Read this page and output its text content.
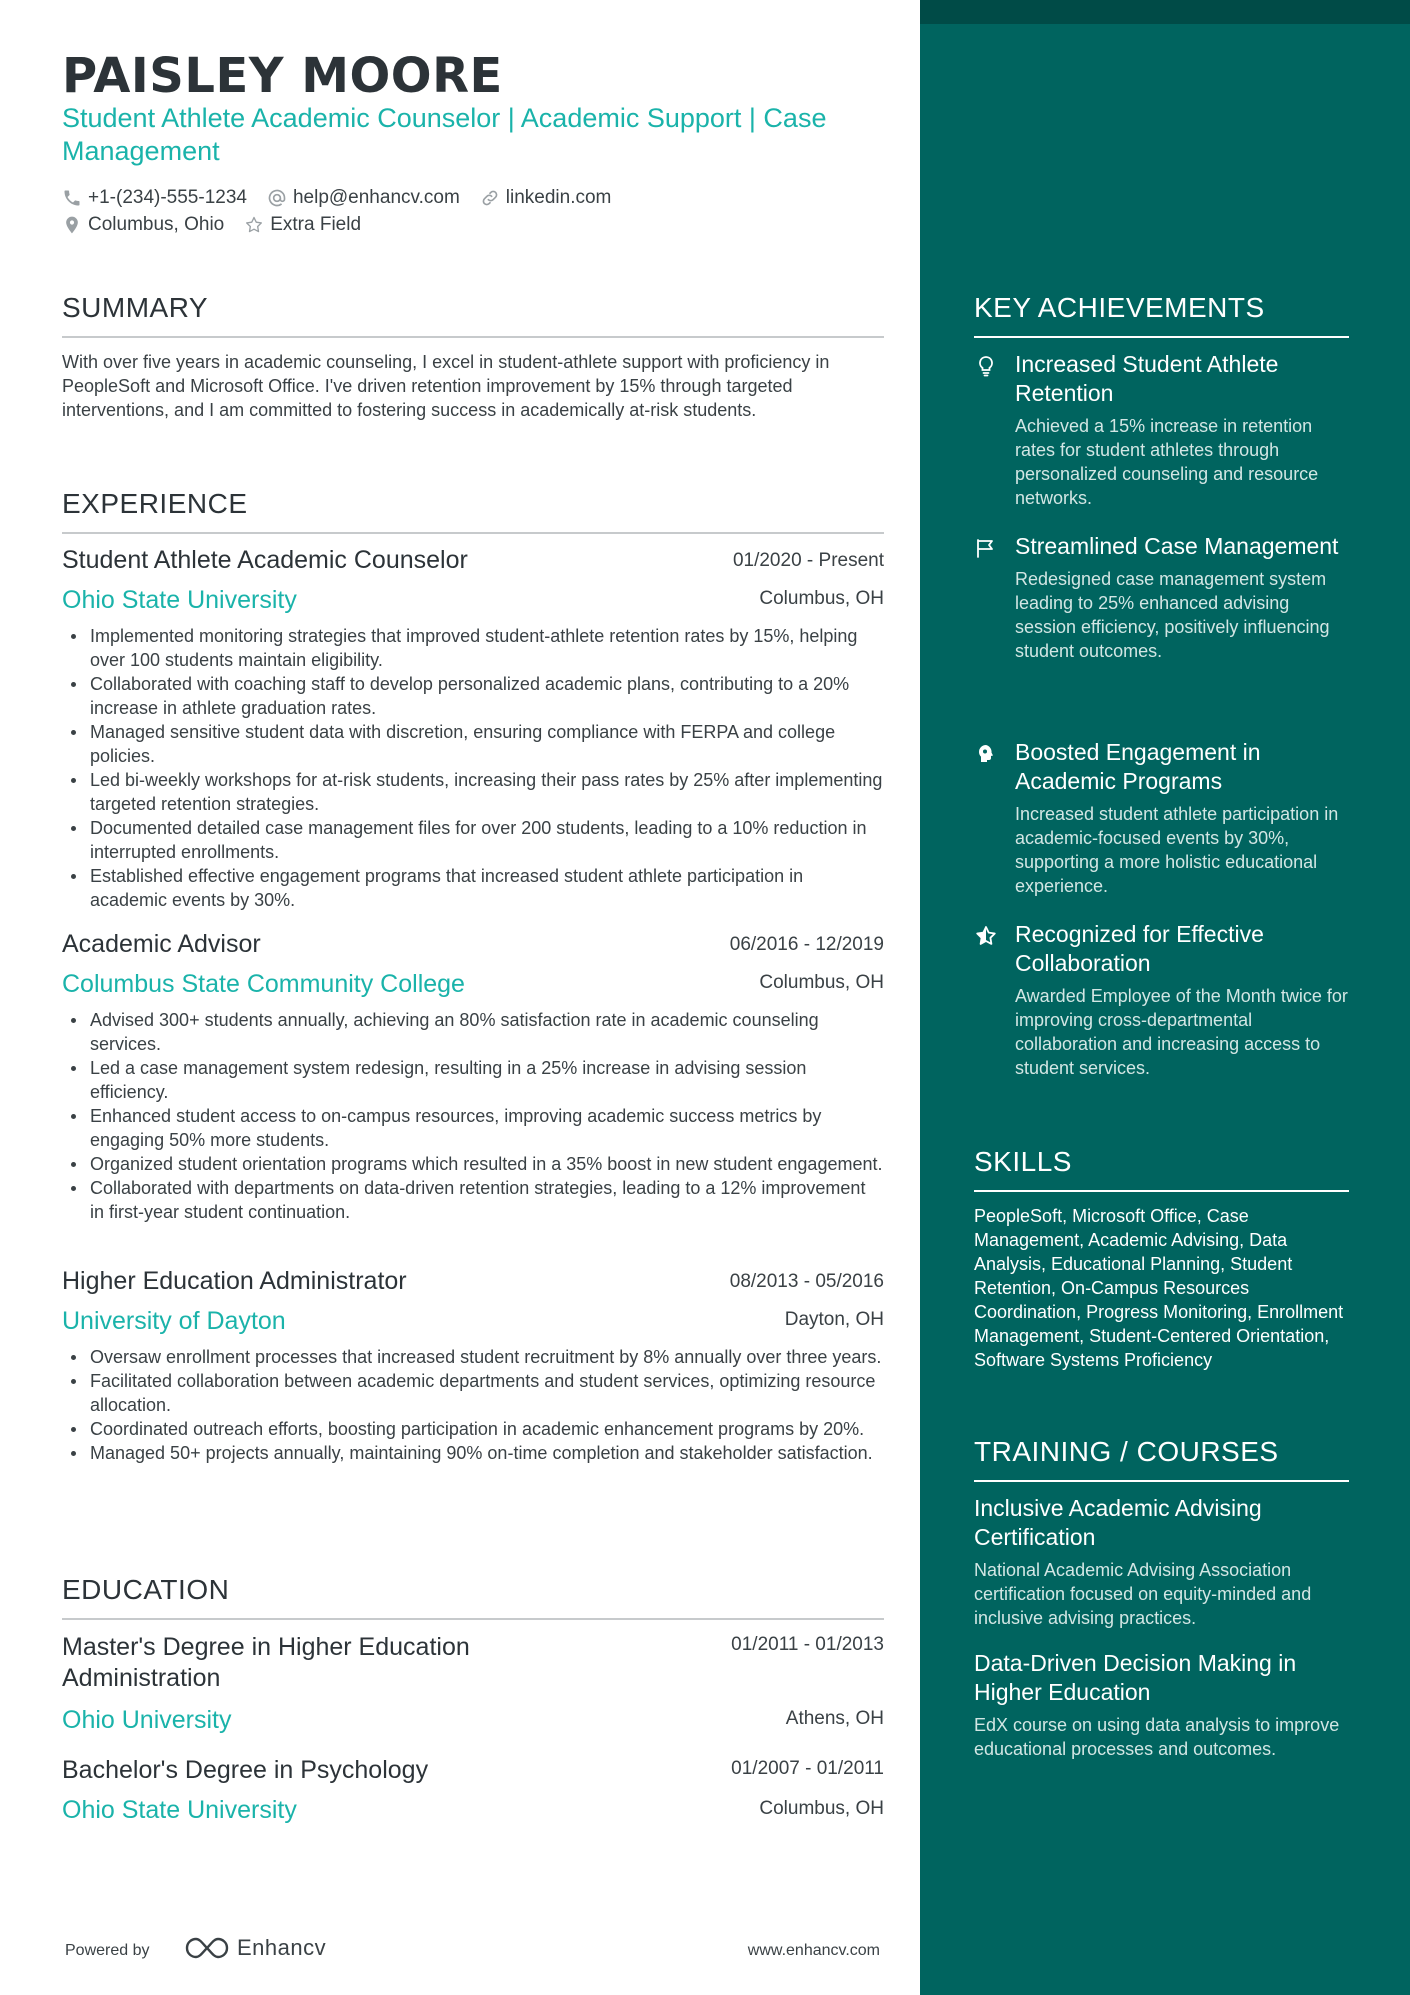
PAISLEY MOORE
Student Athlete Academic Counselor | Academic Support | Case Management
+1-(234)-555-1234 help@enhancv.com linkedin.com
Columbus, Ohio Extra Field
SUMMARY
With over five years in academic counseling, I excel in student-athlete support with proficiency in PeopleSoft and Microsoft Office. I've driven retention improvement by 15% through targeted interventions, and I am committed to fostering success in academically at-risk students.
EXPERIENCE
Student Athlete Academic Counselor	01/2020 - Present
Ohio State University	Columbus, OH
Implemented monitoring strategies that improved student-athlete retention rates by 15%, helping over 100 students maintain eligibility.
Collaborated with coaching staff to develop personalized academic plans, contributing to a 20% increase in athlete graduation rates.
Managed sensitive student data with discretion, ensuring compliance with FERPA and college policies.
Led bi-weekly workshops for at-risk students, increasing their pass rates by 25% after implementing targeted retention strategies.
Documented detailed case management files for over 200 students, leading to a 10% reduction in interrupted enrollments.
Established effective engagement programs that increased student athlete participation in academic events by 30%.
Academic Advisor	06/2016 - 12/2019
Columbus State Community College	Columbus, OH
Advised 300+ students annually, achieving an 80% satisfaction rate in academic counseling services.
Led a case management system redesign, resulting in a 25% increase in advising session efficiency.
Enhanced student access to on-campus resources, improving academic success metrics by engaging 50% more students.
Organized student orientation programs which resulted in a 35% boost in new student engagement.
Collaborated with departments on data-driven retention strategies, leading to a 12% improvement in first-year student continuation.
Higher Education Administrator	08/2013 - 05/2016
University of Dayton	Dayton, OH
Oversaw enrollment processes that increased student recruitment by 8% annually over three years.
Facilitated collaboration between academic departments and student services, optimizing resource allocation.
Coordinated outreach efforts, boosting participation in academic enhancement programs by 20%.
Managed 50+ projects annually, maintaining 90% on-time completion and stakeholder satisfaction.
EDUCATION
Master's Degree in Higher Education Administration
01/2011 - 01/2013
Ohio University	Athens, OH
Bachelor's Degree in Psychology	01/2007 - 01/2011
Ohio State University	Columbus, OH
KEY ACHIEVEMENTS
Increased Student Athlete Retention
Achieved a 15% increase in retention rates for student athletes through personalized counseling and resource networks.
Streamlined Case Management
Redesigned case management system leading to 25% enhanced advising session efficiency, positively influencing student outcomes.
Boosted Engagement in Academic Programs
Increased student athlete participation in academic-focused events by 30%, supporting a more holistic educational experience.
Recognized for Effective Collaboration
Awarded Employee of the Month twice for improving cross-departmental collaboration and increasing access to student services.
SKILLS
PeopleSoft, Microsoft Office, Case Management, Academic Advising, Data Analysis, Educational Planning, Student Retention, On-Campus Resources Coordination, Progress Monitoring, Enrollment Management, Student-Centered Orientation, Software Systems Proficiency
TRAINING / COURSES
Inclusive Academic Advising Certification
National Academic Advising Association certification focused on equity-minded and inclusive advising practices.
Data-Driven Decision Making in Higher Education
EdX course on using data analysis to improve educational processes and outcomes.
Powered by	Enhancv	www.enhancv.com
